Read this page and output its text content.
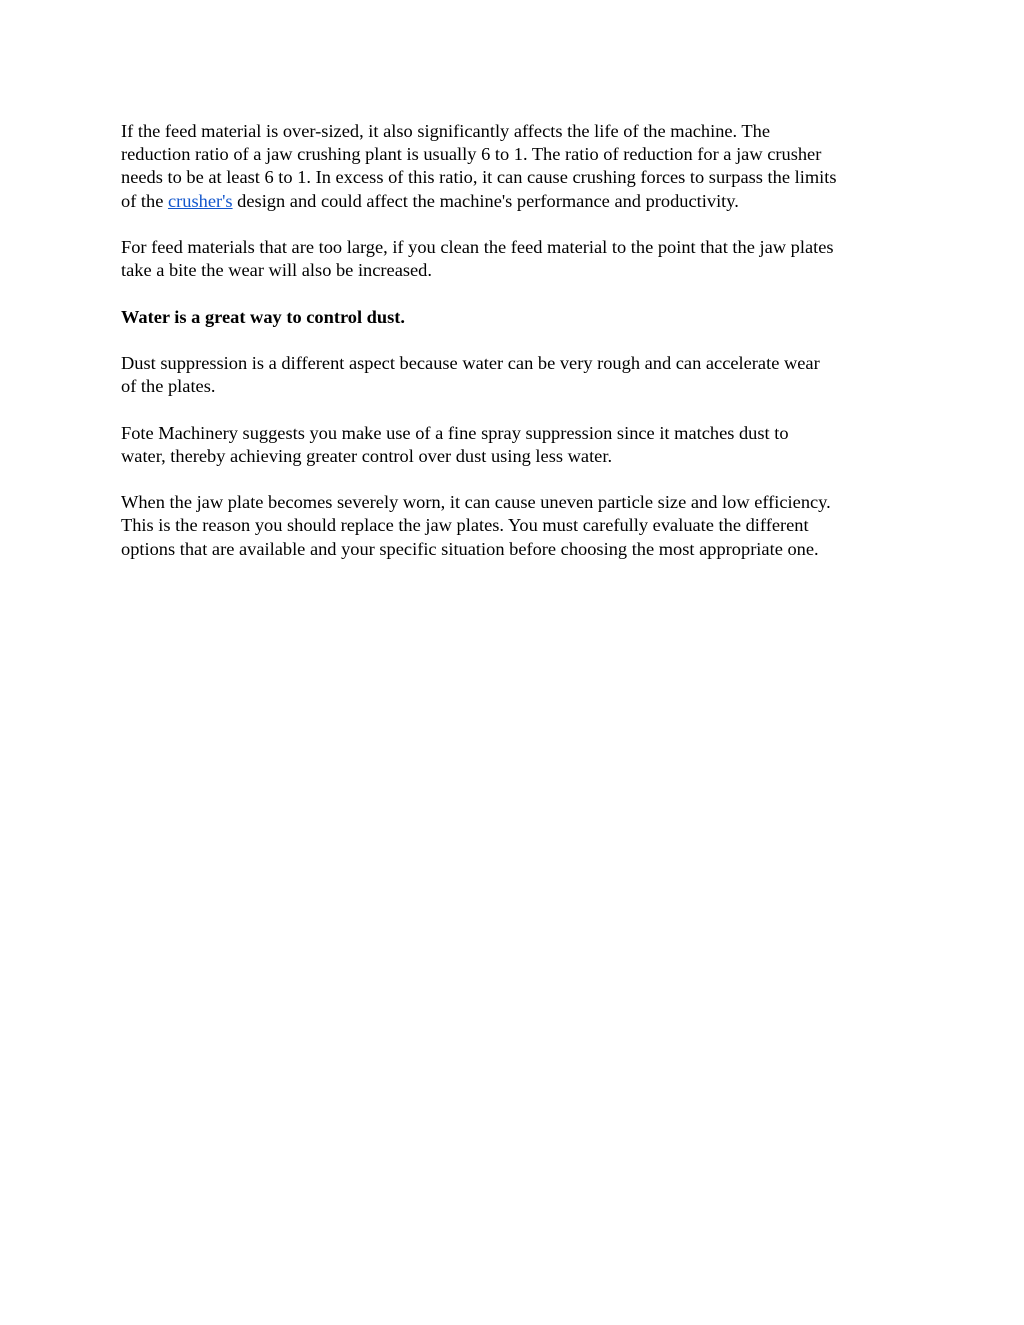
If the feed material is over-sized, it also significantly affects the life of the machine. The
reduction ratio of a jaw crushing plant is usually 6 to 1. The ratio of reduction for a jaw crusher
needs to be at least 6 to 1. In excess of this ratio, it can cause crushing forces to surpass the limits
of the crusher's design and could affect the machine's performance and productivity.

For feed materials that are too large, if you clean the feed material to the point that the jaw plates
take a bite the wear will also be increased.

Water is a great way to control dust.

Dust suppression is a different aspect because water can be very rough and can accelerate wear
of the plates.

Fote Machinery suggests you make use of a fine spray suppression since it matches dust to
water, thereby achieving greater control over dust using less water.

When the jaw plate becomes severely worn, it can cause uneven particle size and low efficiency.
This is the reason you should replace the jaw plates. You must carefully evaluate the different
options that are available and your specific situation before choosing the most appropriate one.
